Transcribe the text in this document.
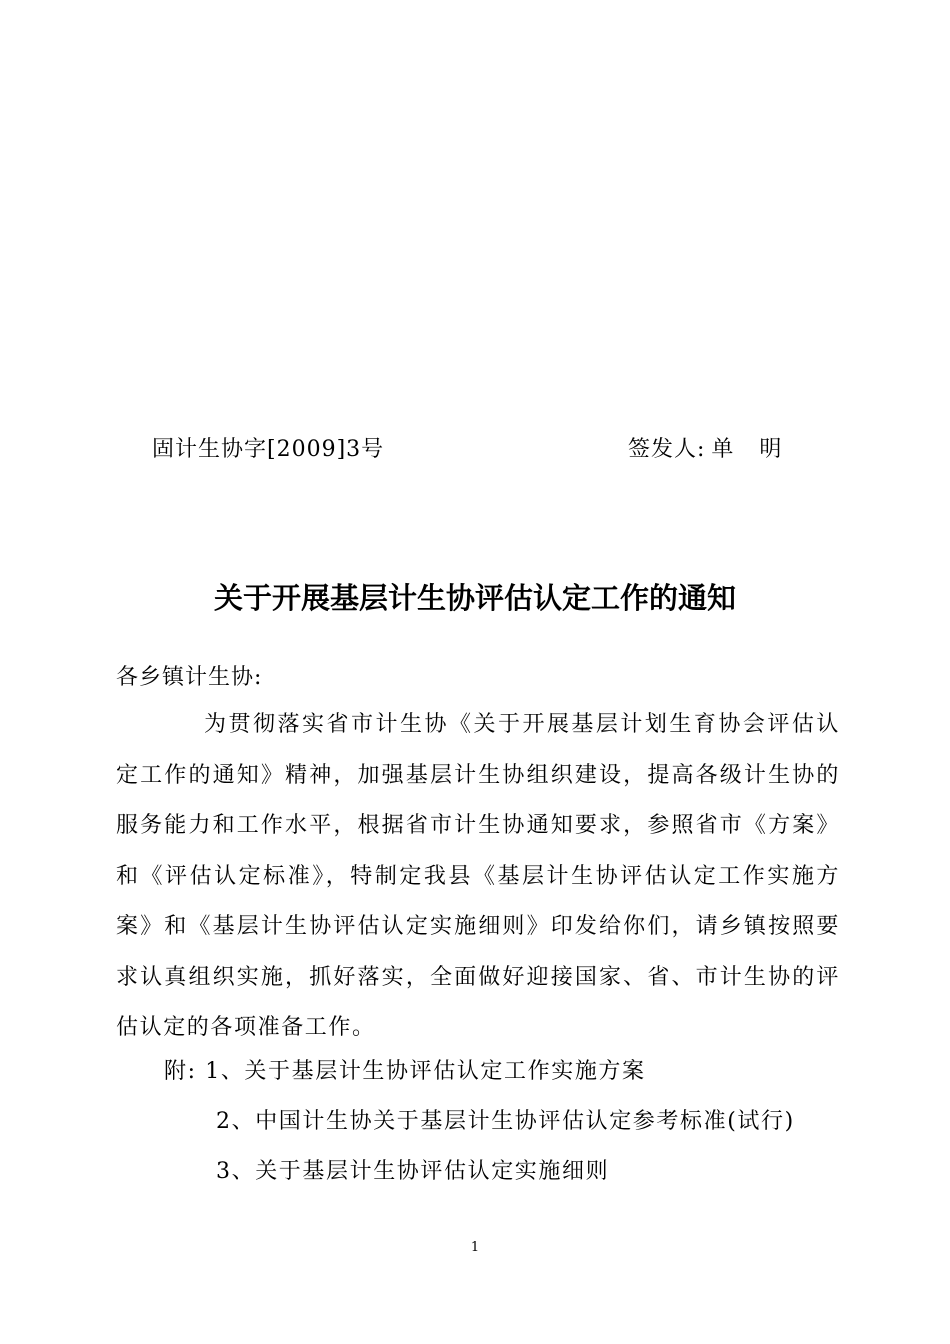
固计生协字[2009]3号	签发人: 单　明
关于开展基层计生协评估认定工作的通知
各乡镇计生协:

为贯彻落实省市计生协《关于开展基层计划生育协会评估认定工作的通知》精神，加强基层计生协组织建设，提高各级计生协的服务能力和工作水平，根据省市计生协通知要求，参照省市《方案》和《评估认定标准》，特制定我县《基层计生协评估认定工作实施方案》和《基层计生协评估认定实施细则》印发给你们，请乡镇按照要求认真组织实施，抓好落实，全面做好迎接国家、省、市计生协的评估认定的各项准备工作。

附: 1、关于基层计生协评估认定工作实施方案
2、中国计生协关于基层计生协评估认定参考标准(试行)
3、关于基层计生协评估认定实施细则
1
